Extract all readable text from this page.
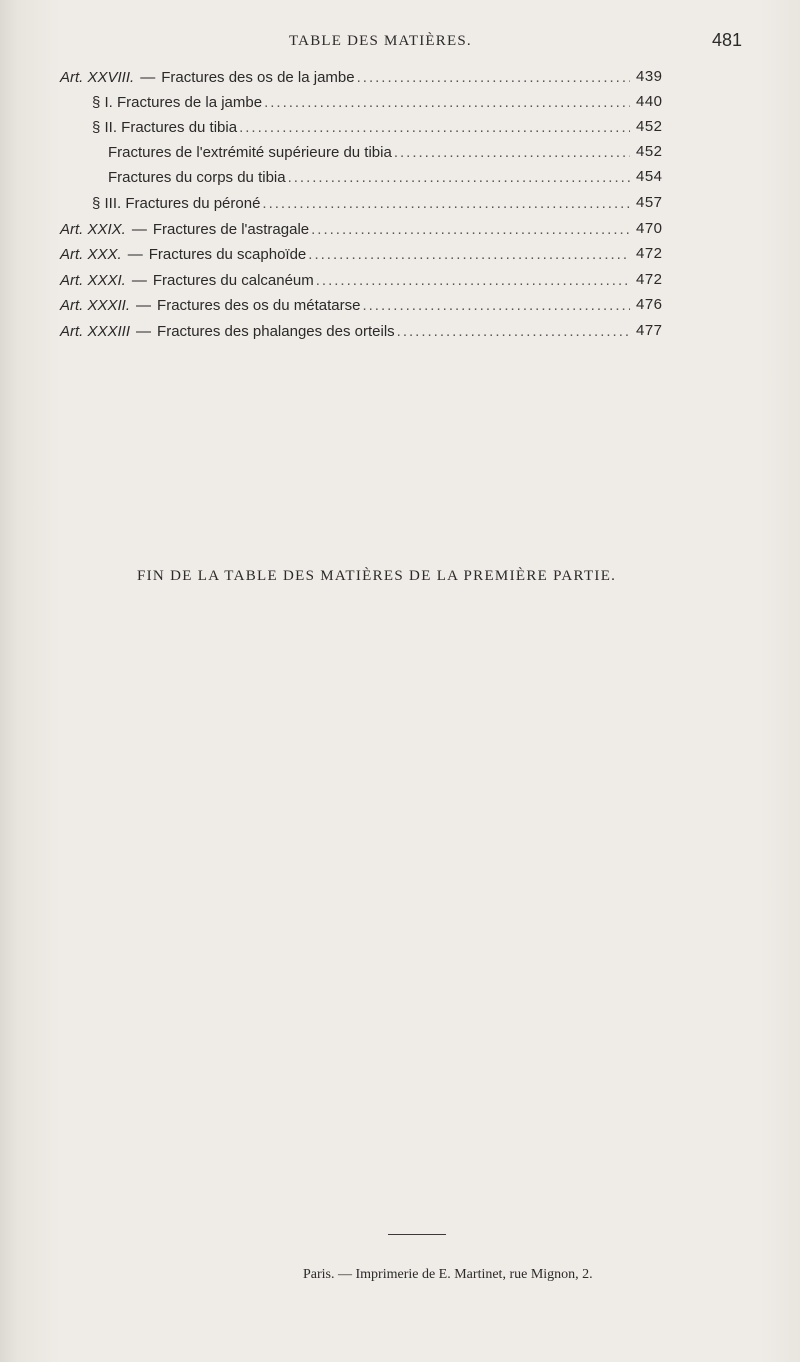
TABLE DES MATIÈRES.	481
Art. XXVIII. — Fractures des os de la jambe .....	439
§ I. Fractures de la jambe .....	440
§ II. Fractures du tibia .....	452
Fractures de l'extrémité supérieure du tibia .....	452
Fractures du corps du tibia .....	454
§ III. Fractures du péroné .....	457
Art. XXIX. — Fractures de l'astragale .....	470
Art. XXX. — Fractures du scaphoïde .....	472
Art. XXXI. — Fractures du calcanéum .....	472
Art. XXXII. — Fractures des os du métatarse .....	476
Art. XXXIII — Fractures des phalanges des orteils .....	477
FIN DE LA TABLE DES MATIÈRES DE LA PREMIÈRE PARTIE.
Paris. — Imprimerie de E. Martinet, rue Mignon, 2.
